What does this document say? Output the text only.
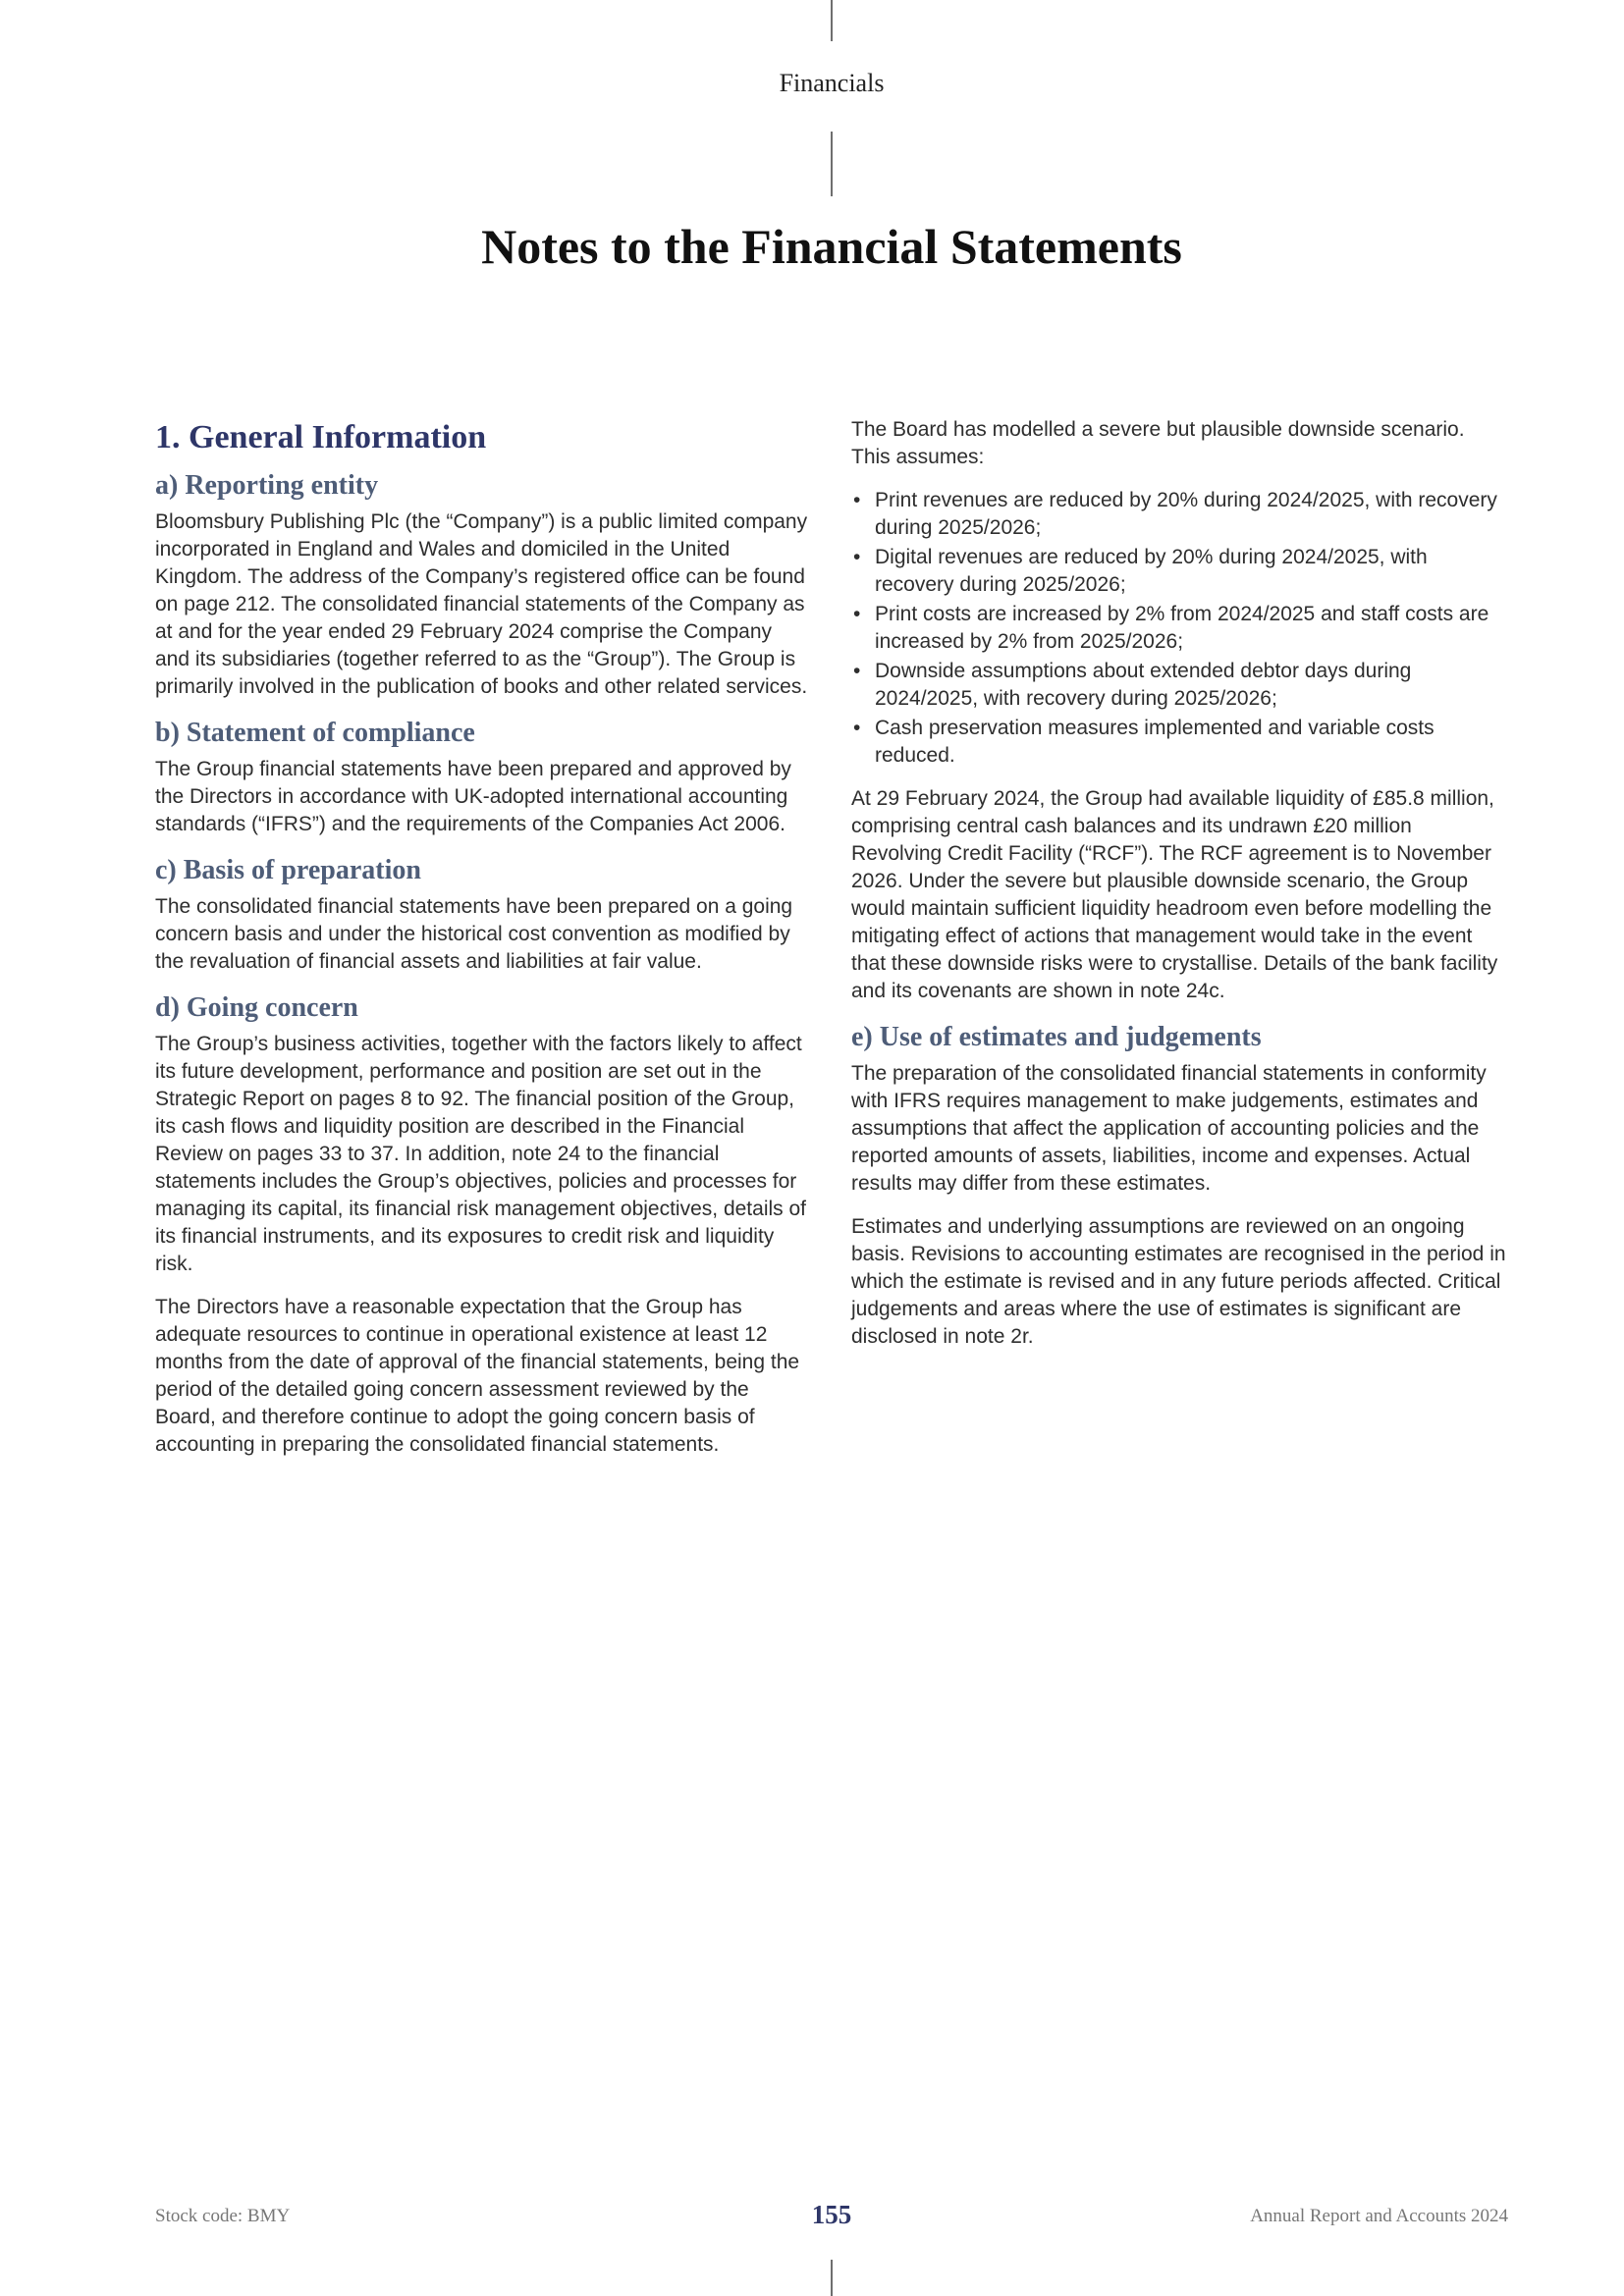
Financials
Notes to the Financial Statements
1. General Information
a) Reporting entity

Bloomsbury Publishing Plc (the “Company”) is a public limited company incorporated in England and Wales and domiciled in the United Kingdom. The address of the Company’s registered office can be found on page 212. The consolidated financial statements of the Company as at and for the year ended 29 February 2024 comprise the Company and its subsidiaries (together referred to as the “Group”). The Group is primarily involved in the publication of books and other related services.

b) Statement of compliance

The Group financial statements have been prepared and approved by the Directors in accordance with UK-adopted international accounting standards (“IFRS”) and the requirements of the Companies Act 2006.

c) Basis of preparation

The consolidated financial statements have been prepared on a going concern basis and under the historical cost convention as modified by the revaluation of financial assets and liabilities at fair value.

d) Going concern

The Group’s business activities, together with the factors likely to affect its future development, performance and position are set out in the Strategic Report on pages 8 to 92. The financial position of the Group, its cash flows and liquidity position are described in the Financial Review on pages 33 to 37. In addition, note 24 to the financial statements includes the Group’s objectives, policies and processes for managing its capital, its financial risk management objectives, details of its financial instruments, and its exposures to credit risk and liquidity risk.

The Directors have a reasonable expectation that the Group has adequate resources to continue in operational existence at least 12 months from the date of approval of the financial statements, being the period of the detailed going concern assessment reviewed by the Board, and therefore continue to adopt the going concern basis of accounting in preparing the consolidated financial statements.

The Board has modelled a severe but plausible downside scenario. This assumes:

• Print revenues are reduced by 20% during 2024/2025, with recovery during 2025/2026;
• Digital revenues are reduced by 20% during 2024/2025, with recovery during 2025/2026;
• Print costs are increased by 2% from 2024/2025 and staff costs are increased by 2% from 2025/2026;
• Downside assumptions about extended debtor days during 2024/2025, with recovery during 2025/2026;
• Cash preservation measures implemented and variable costs reduced.

At 29 February 2024, the Group had available liquidity of £85.8 million, comprising central cash balances and its undrawn £20 million Revolving Credit Facility (“RCF”). The RCF agreement is to November 2026. Under the severe but plausible downside scenario, the Group would maintain sufficient liquidity headroom even before modelling the mitigating effect of actions that management would take in the event that these downside risks were to crystallise. Details of the bank facility and its covenants are shown in note 24c.

e) Use of estimates and judgements

The preparation of the consolidated financial statements in conformity with IFRS requires management to make judgements, estimates and assumptions that affect the application of accounting policies and the reported amounts of assets, liabilities, income and expenses. Actual results may differ from these estimates.

Estimates and underlying assumptions are reviewed on an ongoing basis. Revisions to accounting estimates are recognised in the period in which the estimate is revised and in any future periods affected. Critical judgements and areas where the use of estimates is significant are disclosed in note 2r.

Stock code: BMY	155	Annual Report and Accounts 2024
